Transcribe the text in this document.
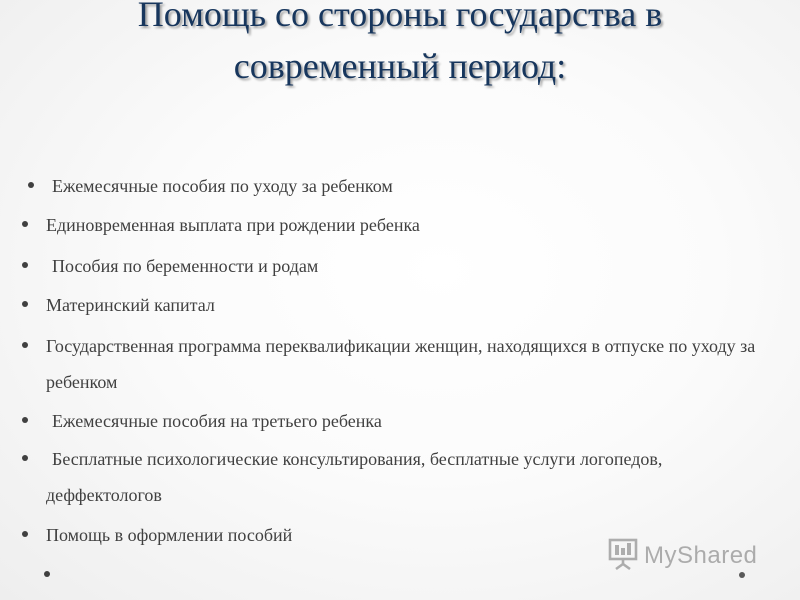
Помощь со стороны государства в
современный период:
Ежемесячные пособия по уходу за ребенком
Единовременная выплата при рождении ребенка
Пособия по беременности и родам
Материнский капитал
Государственная программа переквалификации женщин, находящихся в отпуске по уходу за ребенком
Ежемесячные пособия на третьего ребенка
Бесплатные психологические консультирования, бесплатные услуги логопедов, деффектологов
Помощь в оформлении пособий
MyShared
